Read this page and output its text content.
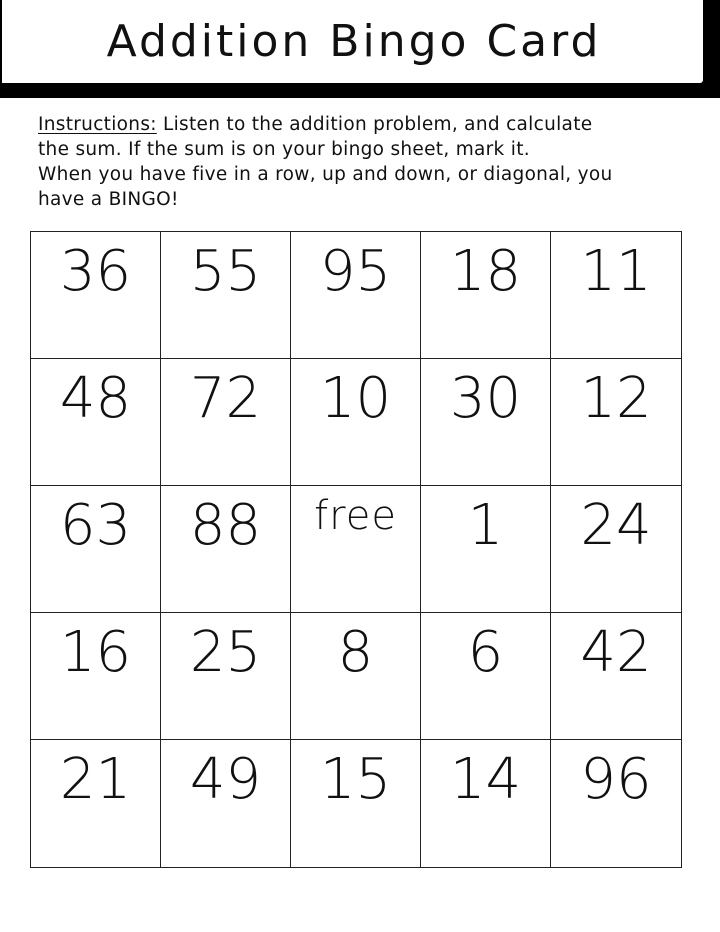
Addition Bingo Card
Instructions: Listen to the addition problem, and calculate
the sum. If the sum is on your bingo sheet, mark it.
When you have five in a row, up and down, or diagonal, you
have a BINGO!
36	55	95	18	11
48	72	10	30	12
63	88	free	1	24
16	25	8	6	42
21	49	15	14	96
